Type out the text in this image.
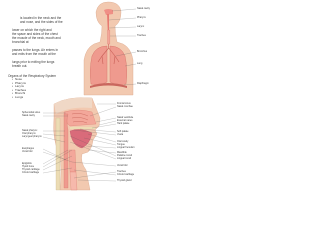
is located in the neck and the
and nose, and the sides of the
lower on which the right and
the space and sides of the chest
the muscle of the neck, mouth and
bronchial at
passes to the lungs. Air enters in
and exits from the mouth at the
lungs prior to exiting the lungs
breath out.
Organs of the Respiratory System
• Nose
• Pharynx
• Larynx
• Trachea
• Bronchi
• Lungs
Nasal cavity
Pharynx
Larynx
Trachea
Bronchus
Lung
Diaphragm
Sphenoidal sinus
Nasal cavity
Nasal pharynx
Oral pharynx
Laryngeal pharynx
Esophagus
Vocal fold
Epiglottis
Hyoid bone
Thyroid cartilage
Cricoid cartilage
Frontal sinus
Nasal conchae
Nasal vestibule
External nares
Hard palate
Soft palate
Uvula
Oral cavity
Tongue
Lingual frenulum
Mandible
Palatine tonsil
Lingual tonsil
Vocal fold
Trachea
Cricoid cartilage
Thyroid gland
